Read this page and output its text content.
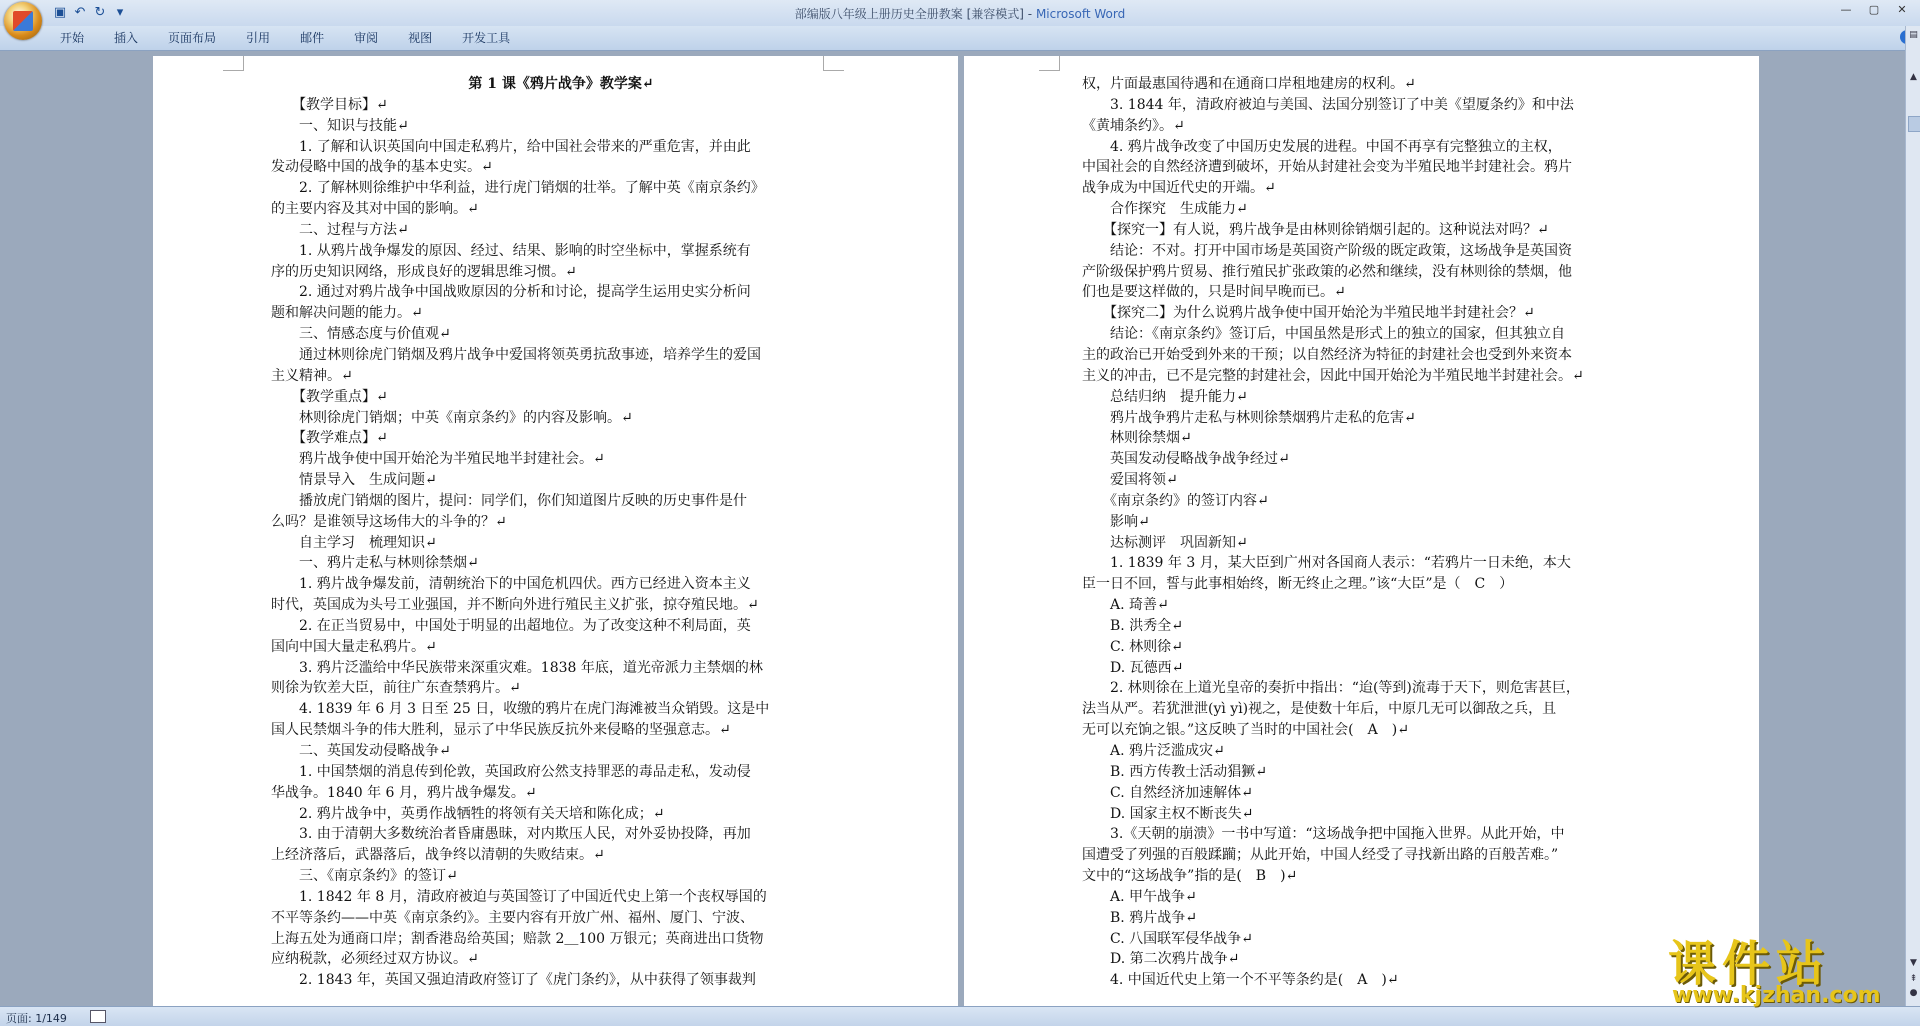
▣ ↶ ↻ ▾	部编版八年级上册历史全册教案 [兼容模式] - Microsoft Word	—	▢	✕
开始	插入	页面布局	引用	邮件	审阅	视图	开发工具
第 1 课《鸦片战争》教学案↵
　　【教学目标】↵
　　一、知识与技能↵
　　1. 了解和认识英国向中国走私鸦片，给中国社会带来的严重危害，并由此
发动侵略中国的战争的基本史实。↵
　　2. 了解林则徐维护中华利益，进行虎门销烟的壮举。了解中英《南京条约》
的主要内容及其对中国的影响。↵
　　二、过程与方法↵
　　1. 从鸦片战争爆发的原因、经过、结果、影响的时空坐标中，掌握系统有
序的历史知识网络，形成良好的逻辑思维习惯。↵
　　2. 通过对鸦片战争中国战败原因的分析和讨论，提高学生运用史实分析问
题和解决问题的能力。↵
　　三、情感态度与价值观↵
　　通过林则徐虎门销烟及鸦片战争中爱国将领英勇抗敌事迹，培养学生的爱国
主义精神。↵
　　【教学重点】↵
　　林则徐虎门销烟；中英《南京条约》的内容及影响。↵
　　【教学难点】↵
　　鸦片战争使中国开始沦为半殖民地半封建社会。↵
　　情景导入　生成问题↵
　　播放虎门销烟的图片，提问：同学们，你们知道图片反映的历史事件是什
么吗？是谁领导这场伟大的斗争的？↵
　　自主学习　梳理知识↵
　　一、鸦片走私与林则徐禁烟↵
　　1. 鸦片战争爆发前，清朝统治下的中国危机四伏。西方已经进入资本主义
时代，英国成为头号工业强国，并不断向外进行殖民主义扩张，掠夺殖民地。↵
　　2. 在正当贸易中，中国处于明显的出超地位。为了改变这种不利局面，英
国向中国大量走私鸦片。↵
　　3. 鸦片泛滥给中华民族带来深重灾难。1838 年底，道光帝派力主禁烟的林
则徐为钦差大臣，前往广东查禁鸦片。↵
　　4. 1839 年 6 月 3 日至 25 日，收缴的鸦片在虎门海滩被当众销毁。这是中
国人民禁烟斗争的伟大胜利，显示了中华民族反抗外来侵略的坚强意志。↵
　　二、英国发动侵略战争↵
　　1. 中国禁烟的消息传到伦敦，英国政府公然支持罪恶的毒品走私，发动侵
华战争。1840 年 6 月，鸦片战争爆发。↵
　　2. 鸦片战争中，英勇作战牺牲的将领有关天培和陈化成；↵
　　3. 由于清朝大多数统治者昏庸愚昧，对内欺压人民，对外妥协投降，再加
上经济落后，武器落后，战争终以清朝的失败结束。↵
　　三、《南京条约》的签订↵
　　1. 1842 年 8 月，清政府被迫与英国签订了中国近代史上第一个丧权辱国的
不平等条约——中英《南京条约》。主要内容有开放广州、福州、厦门、宁波、
上海五处为通商口岸；割香港岛给英国；赔款 2＿100 万银元；英商进出口货物
应纳税款，必须经过双方协议。↵
　　2. 1843 年，英国又强迫清政府签订了《虎门条约》，从中获得了领事裁判
权，片面最惠国待遇和在通商口岸租地建房的权利。↵
　　3. 1844 年，清政府被迫与美国、法国分别签订了中美《望厦条约》和中法
《黄埔条约》。↵
　　4. 鸦片战争改变了中国历史发展的进程。中国不再享有完整独立的主权，
中国社会的自然经济遭到破坏，开始从封建社会变为半殖民地半封建社会。鸦片
战争成为中国近代史的开端。↵
　　合作探究　生成能力↵
　　【探究一】有人说，鸦片战争是由林则徐销烟引起的。这种说法对吗？↵
　　结论：不对。打开中国市场是英国资产阶级的既定政策，这场战争是英国资
产阶级保护鸦片贸易、推行殖民扩张政策的必然和继续，没有林则徐的禁烟，他
们也是要这样做的，只是时间早晚而已。↵
　　【探究二】为什么说鸦片战争使中国开始沦为半殖民地半封建社会？↵
　　结论：《南京条约》签订后，中国虽然是形式上的独立的国家，但其独立自
主的政治已开始受到外来的干预；以自然经济为特征的封建社会也受到外来资本
主义的冲击，已不是完整的封建社会，因此中国开始沦为半殖民地半封建社会。↵
　　总结归纳　提升能力↵
　　鸦片战争鸦片走私与林则徐禁烟鸦片走私的危害↵
　　林则徐禁烟↵
　　英国发动侵略战争战争经过↵
　　爱国将领↵
　　《南京条约》的签订内容↵
　　影响↵
　　达标测评　巩固新知↵
　　1. 1839 年 3 月，某大臣到广州对各国商人表示：“若鸦片一日未绝，本大
臣一日不回，誓与此事相始终，断无终止之理。”该“大臣”是（　C　）
　　A. 琦善↵
　　B. 洪秀全↵
　　C. 林则徐↵
　　D. 瓦德西↵
　　2. 林则徐在上道光皇帝的奏折中指出：“迨(等到)流毒于天下，则危害甚巨，
法当从严。若犹泄泄(yì yì)视之，是使数十年后，中原几无可以御敌之兵，且
无可以充饷之银。”这反映了当时的中国社会(　A　)↵
　　A. 鸦片泛滥成灾↵
　　B. 西方传教士活动猖獗↵
　　C. 自然经济加速解体↵
　　D. 国家主权不断丧失↵
　　3.《天朝的崩溃》一书中写道：“这场战争把中国拖入世界。从此开始，中
国遭受了列强的百般蹂躏；从此开始，中国人经受了寻找新出路的百般苦难。”
文中的“这场战争”指的是(　B　)↵
　　A. 甲午战争↵
　　B. 鸦片战争↵
　　C. 八国联军侵华战争↵
　　D. 第二次鸦片战争↵
　　4. 中国近代史上第一个不平等条约是(　A　)↵
▤
▲
▼
⇞
●
页面: 1/149
课件站
www.kjzhan.com
